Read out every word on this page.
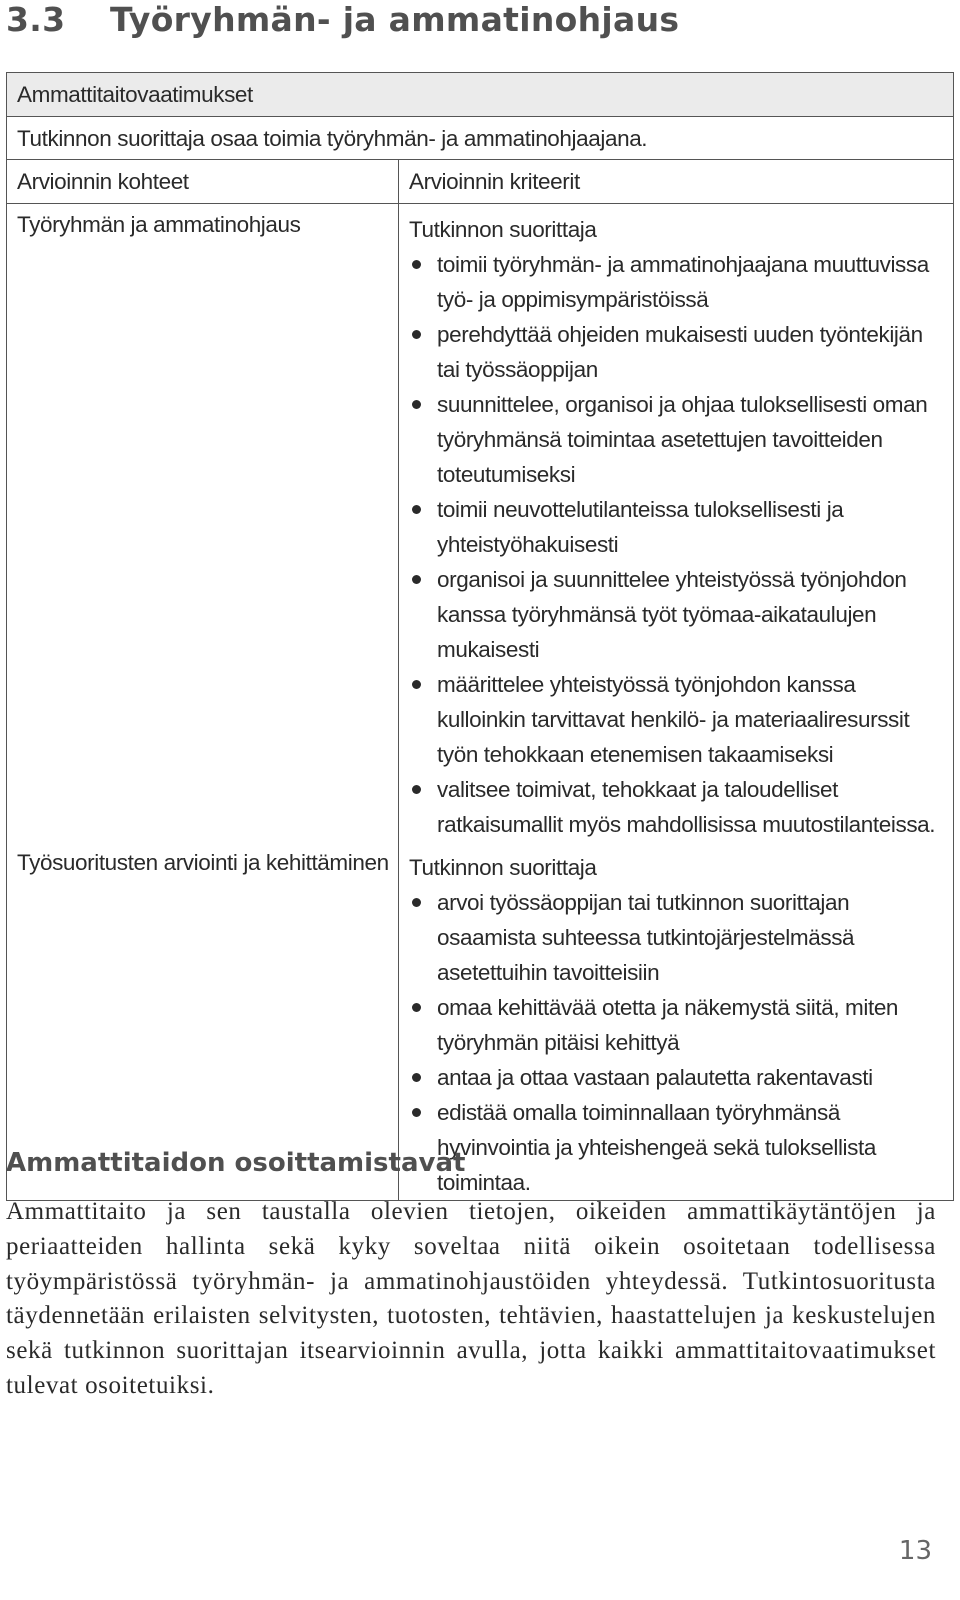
3.3 Työryhmän- ja ammatinohjaus
Ammattitaitovaatimukset
Tutkinnon suorittaja osaa toimia työryhmän- ja ammatinohjaajana.
Arvioinnin kohteet	Arvioinnin kriteerit
Työryhmän ja ammatinohjaus	Tutkinnon suorittaja
toimii työryhmän- ja ammatinohjaajana muuttuvissa työ- ja oppimisympäristöissä
perehdyttää ohjeiden mukaisesti uuden työntekijän tai työssäoppijan
suunnittelee, organisoi ja ohjaa tuloksellisesti oman työryhmänsä toimintaa asetettujen tavoitteiden toteutumiseksi
toimii neuvottelutilanteissa tuloksellisesti ja yhteistyöhakuisesti
organisoi ja suunnittelee yhteistyössä työnjohdon kanssa työryhmänsä työt työmaa-aikataulujen mukaisesti
määrittelee yhteistyössä työnjohdon kanssa kulloinkin tarvittavat henkilö- ja materiaaliresurssit työn tehokkaan etenemisen takaamiseksi
valitsee toimivat, tehokkaat ja taloudelliset ratkaisumallit myös mahdollisissa muutostilanteissa.
Työsuoritusten arviointi ja kehittäminen Tutkinnon suorittaja
arvoi työssäoppijan tai tutkinnon suorittajan osaamista suhteessa tutkintojärjestelmässä asetettuihin tavoitteisiin
omaa kehittävää otetta ja näkemystä siitä, miten työryhmän pitäisi kehittyä
antaa ja ottaa vastaan palautetta rakentavasti
edistää omalla toiminnallaan työryhmänsä hyvinvointia ja yhteishengeä sekä tuloksellista toimintaa.
Ammattitaidon osoittamistavat
Ammattitaito ja sen taustalla olevien tietojen, oikeiden ammattikäytäntöjen ja periaatteiden hallinta sekä kyky soveltaa niitä oikein osoitetaan todellisessa työympäristössä työryhmän- ja ammatinohjaustöiden yhteydessä. Tutkintosuoritusta täydennetään erilaisten selvitysten, tuotosten, tehtävien, haastattelujen ja keskustelujen sekä tutkinnon suorittajan itsearvioinnin avulla, jotta kaikki ammattitaitovaatimukset tulevat osoitetuiksi.
13
